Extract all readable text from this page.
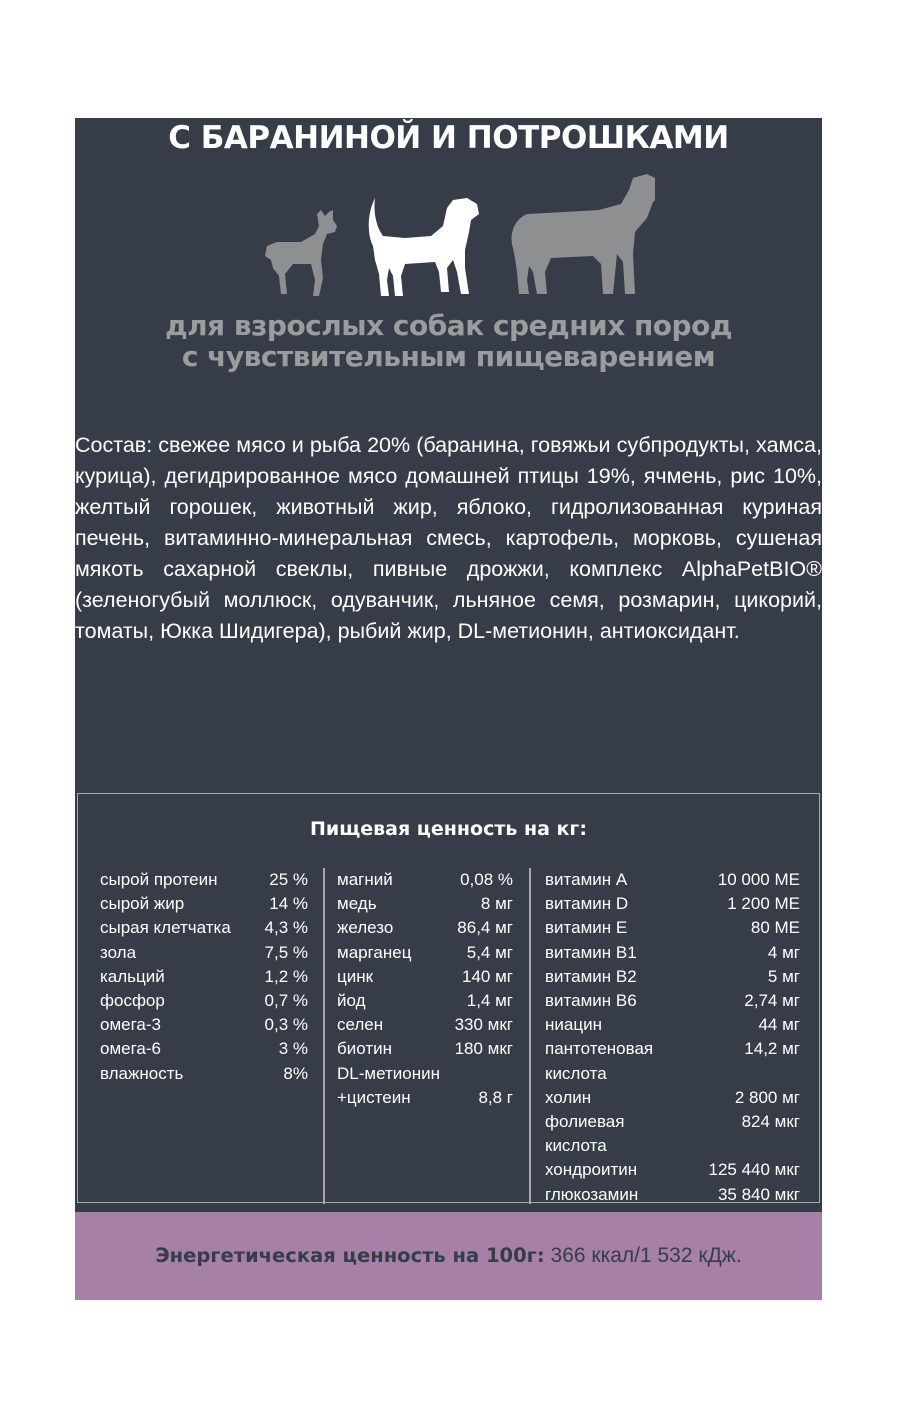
С БАРАНИНОЙ И ПОТРОШКАМИ
для взрослых собак средних пород
с чувствительным пищеварением
Состав: свежее мясо и рыба 20% (баранина, говяжьи субпродукты, хамса, курица), дегидрированное мясо домашней птицы 19%, ячмень, рис 10%, желтый горошек, животный жир, яблоко, гидролизованная куриная печень, витаминно-минеральная смесь, картофель, морковь, сушеная мякоть сахарной свеклы, пивные дрожжи, комплекс AlphaPetBIO® (зеленогубый моллюск, одуванчик, льняное семя, розмарин, цикорий, томаты, Юкка Шидигера), рыбий жир, DL-метионин, антиоксидант.
Пищевая ценность на кг:
сырой протеин	25 %
сырой жир	14 %
сырая клетчатка 4,3 %
зола	7,5 %
кальций	1,2 %
фосфор	0,7 %
омега-3	0,3 %
омега-6	3 %
влажность	8%
магний	0,08 %
медь	8 мг
железо	86,4 мг
марганец	5,4 мг
цинк	140 мг
йод	1,4 мг
селен	330 мкг
биотин	180 мкг
DL-метионин
+цистеин	8,8 г
витамин А	10 000 МЕ
витамин D	1 200 МЕ
витамин Е	80 МЕ
витамин В1	4 мг
витамин В2	5 мг
витамин В6	2,74 мг
ниацин	44 мг
пантотеновая	14,2 мг
кислота
холин	2 800 мг
фолиевая	824 мкг
кислота
хондроитин	125 440 мкг
глюкозамин	35 840 мкг
Энергетическая ценность на 100г: 366 ккал/1 532 кДж.
